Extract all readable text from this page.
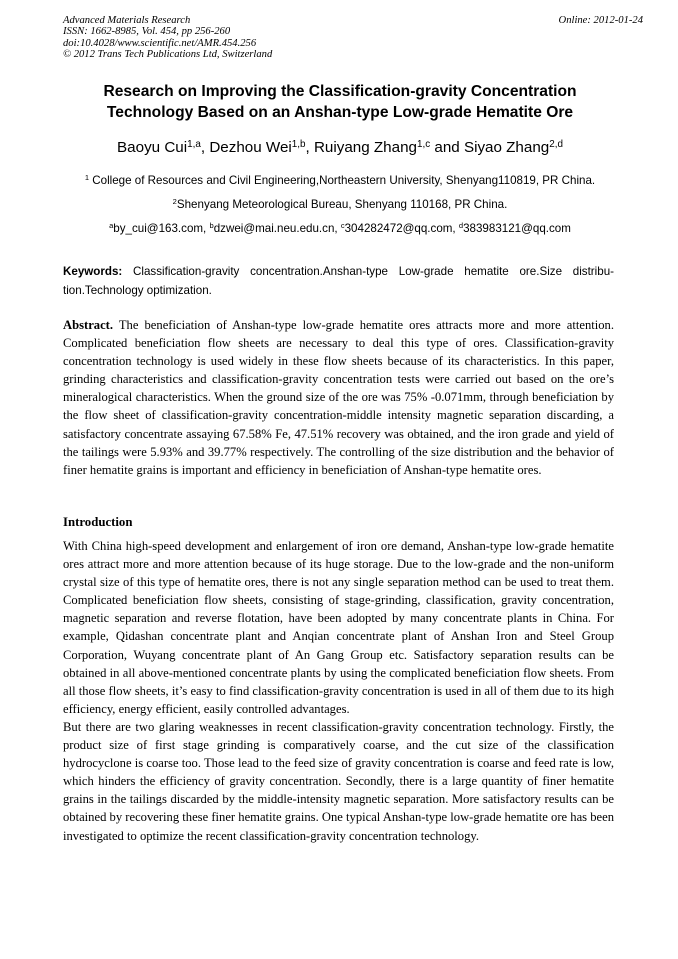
Advanced Materials Research
ISSN: 1662-8985, Vol. 454, pp 256-260
doi:10.4028/www.scientific.net/AMR.454.256
© 2012 Trans Tech Publications Ltd, Switzerland
Online: 2012-01-24
Research on Improving the Classification-gravity Concentration
Technology Based on an Anshan-type Low-grade Hematite Ore
Baoyu Cui$^{1,a}$, Dezhou Wei$^{1,b}$, Ruiyang Zhang$^{1,c}$ and Siyao Zhang$^{2,d}$
$^1$ College of Resources and Civil Engineering,Northeastern University, Shenyang110819, PR China.
$^2$Shenyang Meteorological Bureau, Shenyang 110168, PR China.
$^a$by_cui@163.com, $^b$dzwei@mai.neu.edu.cn, $^c$304282472@qq.com, $^d$383983121@qq.com
Keywords: Classification-gravity concentration.Anshan-type Low-grade hematite ore.Size distribu-tion.Technology optimization.
Abstract. The beneficiation of Anshan-type low-grade hematite ores attracts more and more attention. Complicated beneficiation flow sheets are necessary to deal this type of ores. Classification-gravity concentration technology is used widely in these flow sheets because of its characteristics. In this paper, grinding characteristics and classification-gravity concentration tests were carried out based on the ore’s mineralogical characteristics. When the ground size of the ore was 75% -0.071mm, through beneficiation by the flow sheet of classification-gravity concentration-middle intensity magnetic separation discarding, a satisfactory concentrate assaying 67.58% Fe, 47.51% recovery was obtained, and the iron grade and yield of the tailings were 5.93% and 39.77% respectively. The controlling of the size distribution and the behavior of finer hematite grains is important and efficiency in beneficiation of Anshan-type hematite ores.
Introduction

With China high-speed development and enlargement of iron ore demand, Anshan-type low-grade hematite ores attract more and more attention because of its huge storage. Due to the low-grade and the non-uniform crystal size of this type of hematite ores, there is not any single separation method can be used to treat them. Complicated beneficiation flow sheets, consisting of stage-grinding, classification, gravity concentration, magnetic separation and reverse flotation, have been adopted by many concentrate plants in China. For example, Qidashan concentrate plant and Anqian concentrate plant of Anshan Iron and Steel Group Corporation, Wuyang concentrate plant of An Gang Group etc. Satisfactory separation results can be obtained in all above-mentioned concentrate plants by using the complicated beneficiation flow sheets. From all those flow sheets, it’s easy to find classification-gravity concentration is used in all of them due to its high efficiency, energy efficient, easily controlled advantages.

But there are two glaring weaknesses in recent classification-gravity concentration technology. Firstly, the product size of first stage grinding is comparatively coarse, and the cut size of the classification hydrocyclone is coarse too. Those lead to the feed size of gravity concentration is coarse and feed rate is low, which hinders the efficiency of gravity concentration. Secondly, there is a large quantity of finer hematite grains in the tailings discarded by the middle-intensity magnetic separation. More satisfactory results can be obtained by recovering these finer hematite grains. One typical Anshan-type low-grade hematite ore has been investigated to optimize the recent classification-gravity concentration technology.
